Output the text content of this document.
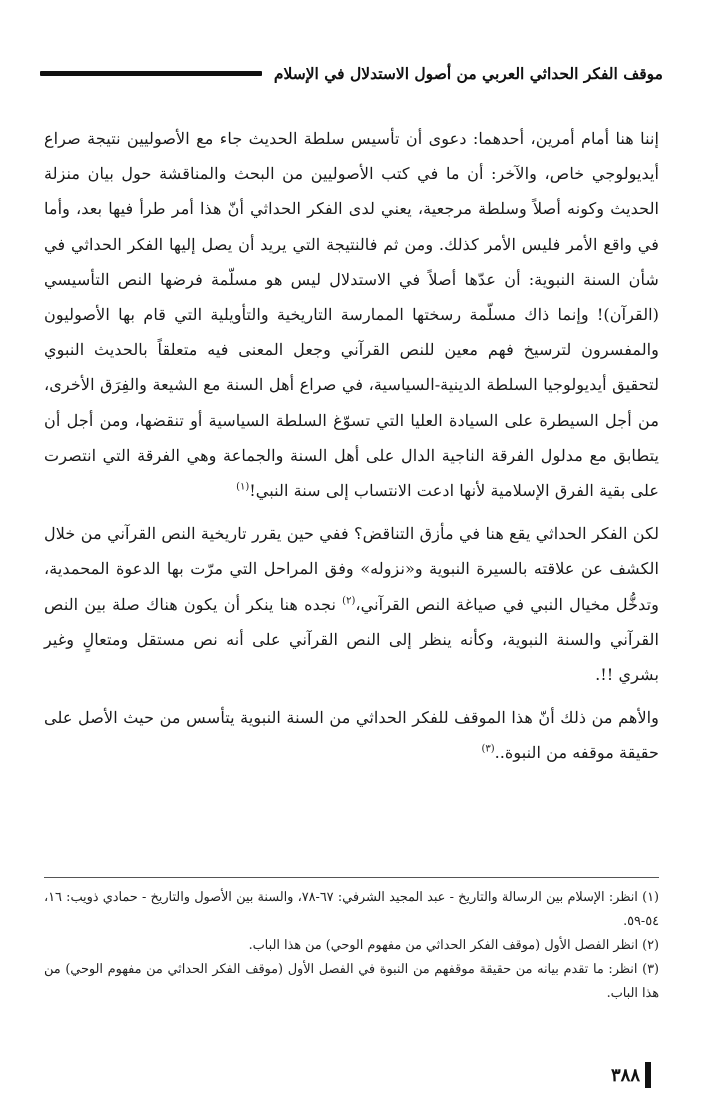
موقف الفكر الحداثي العربي من أصول الاستدلال في الإسلام

إننا هنا أمام أمرين، أحدهما: دعوى أن تأسيس سلطة الحديث جاء مع الأصوليين نتيجة صراع أيديولوجي خاص، والآخر: أن ما في كتب الأصوليين من البحث والمناقشة حول بيان منزلة الحديث وكونه أصلاً وسلطة مرجعية، يعني لدى الفكر الحداثي أنّ هذا أمر طرأ فيها بعد، وأما في واقع الأمر فليس الأمر كذلك. ومن ثم فالنتيجة التي يريد أن يصل إليها الفكر الحداثي في شأن السنة النبوية: أن عدّها أصلاً في الاستدلال ليس هو مسلّمة فرضها النص التأسيسي (القرآن)! وإنما ذاك مسلّمة رسختها الممارسة التاريخية والتأويلية التي قام بها الأصوليون والمفسرون لترسيخ فهم معين للنص القرآني وجعل المعنى فيه متعلقاً بالحديث النبوي لتحقيق أيديولوجيا السلطة الدينية-السياسية، في صراع أهل السنة مع الشيعة والفِرَق الأخرى، من أجل السيطرة على السيادة العليا التي تسوّغ السلطة السياسية أو تنقضها، ومن أجل أن يتطابق مع مدلول الفرقة الناجية الدال على أهل السنة والجماعة وهي الفرقة التي انتصرت على بقية الفرق الإسلامية لأنها ادعت الانتساب إلى سنة النبي!$^{(١)}$

لكن الفكر الحداثي يقع هنا في مأزق التناقض؟ ففي حين يقرر تاريخية النص القرآني من خلال الكشف عن علاقته بالسيرة النبوية و«نزوله» وفق المراحل التي مرّت بها الدعوة المحمدية، وتدخُّل مخيال النبي في صياغة النص القرآني،$^{(٢)}$ نجده هنا ينكر أن يكون هناك صلة بين النص القرآني والسنة النبوية، وكأنه ينظر إلى النص القرآني على أنه نص مستقل ومتعالٍ وغير بشري !!.

والأهم من ذلك أنّ هذا الموقف للفكر الحداثي من السنة النبوية يتأسس من حيث الأصل على حقيقة موقفه من النبوة..$^{(٣)}$

(١) انظر: الإسلام بين الرسالة والتاريخ - عبد المجيد الشرفي: ٦٧-٧٨، والسنة بين الأصول والتاريخ - حمادي ذويب: ١٦، ٥٤-٥٩.

(٢) انظر الفصل الأول (موقف الفكر الحداثي من مفهوم الوحي) من هذا الباب.

(٣) انظر: ما تقدم بيانه من حقيقة موقفهم من النبوة في الفصل الأول (موقف الفكر الحداثي من مفهوم الوحي) من هذا الباب.

٣٨٨
